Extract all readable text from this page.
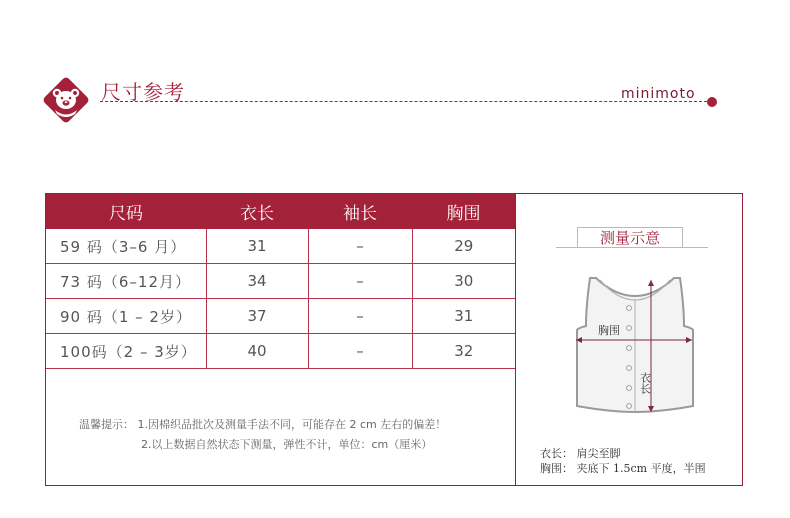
尺寸参考	minimoto
尺码	衣长	袖长	胸围
59 码（3–6 月）	31	–	29
73 码（6–12月）	34	–	30
90 码（1 – 2岁）	37	–	31
100码（2 – 3岁）	40	–	32
温馨提示： 1.因棉织品批次及测量手法不同，可能存在 2 cm 左右的偏差！
2.以上数据自然状态下测量，弹性不计，单位：cm（厘米）
测量示意
胸围
衣长
衣长： 肩尖至脚
胸围： 夹底下 1.5cm 平度，半围
